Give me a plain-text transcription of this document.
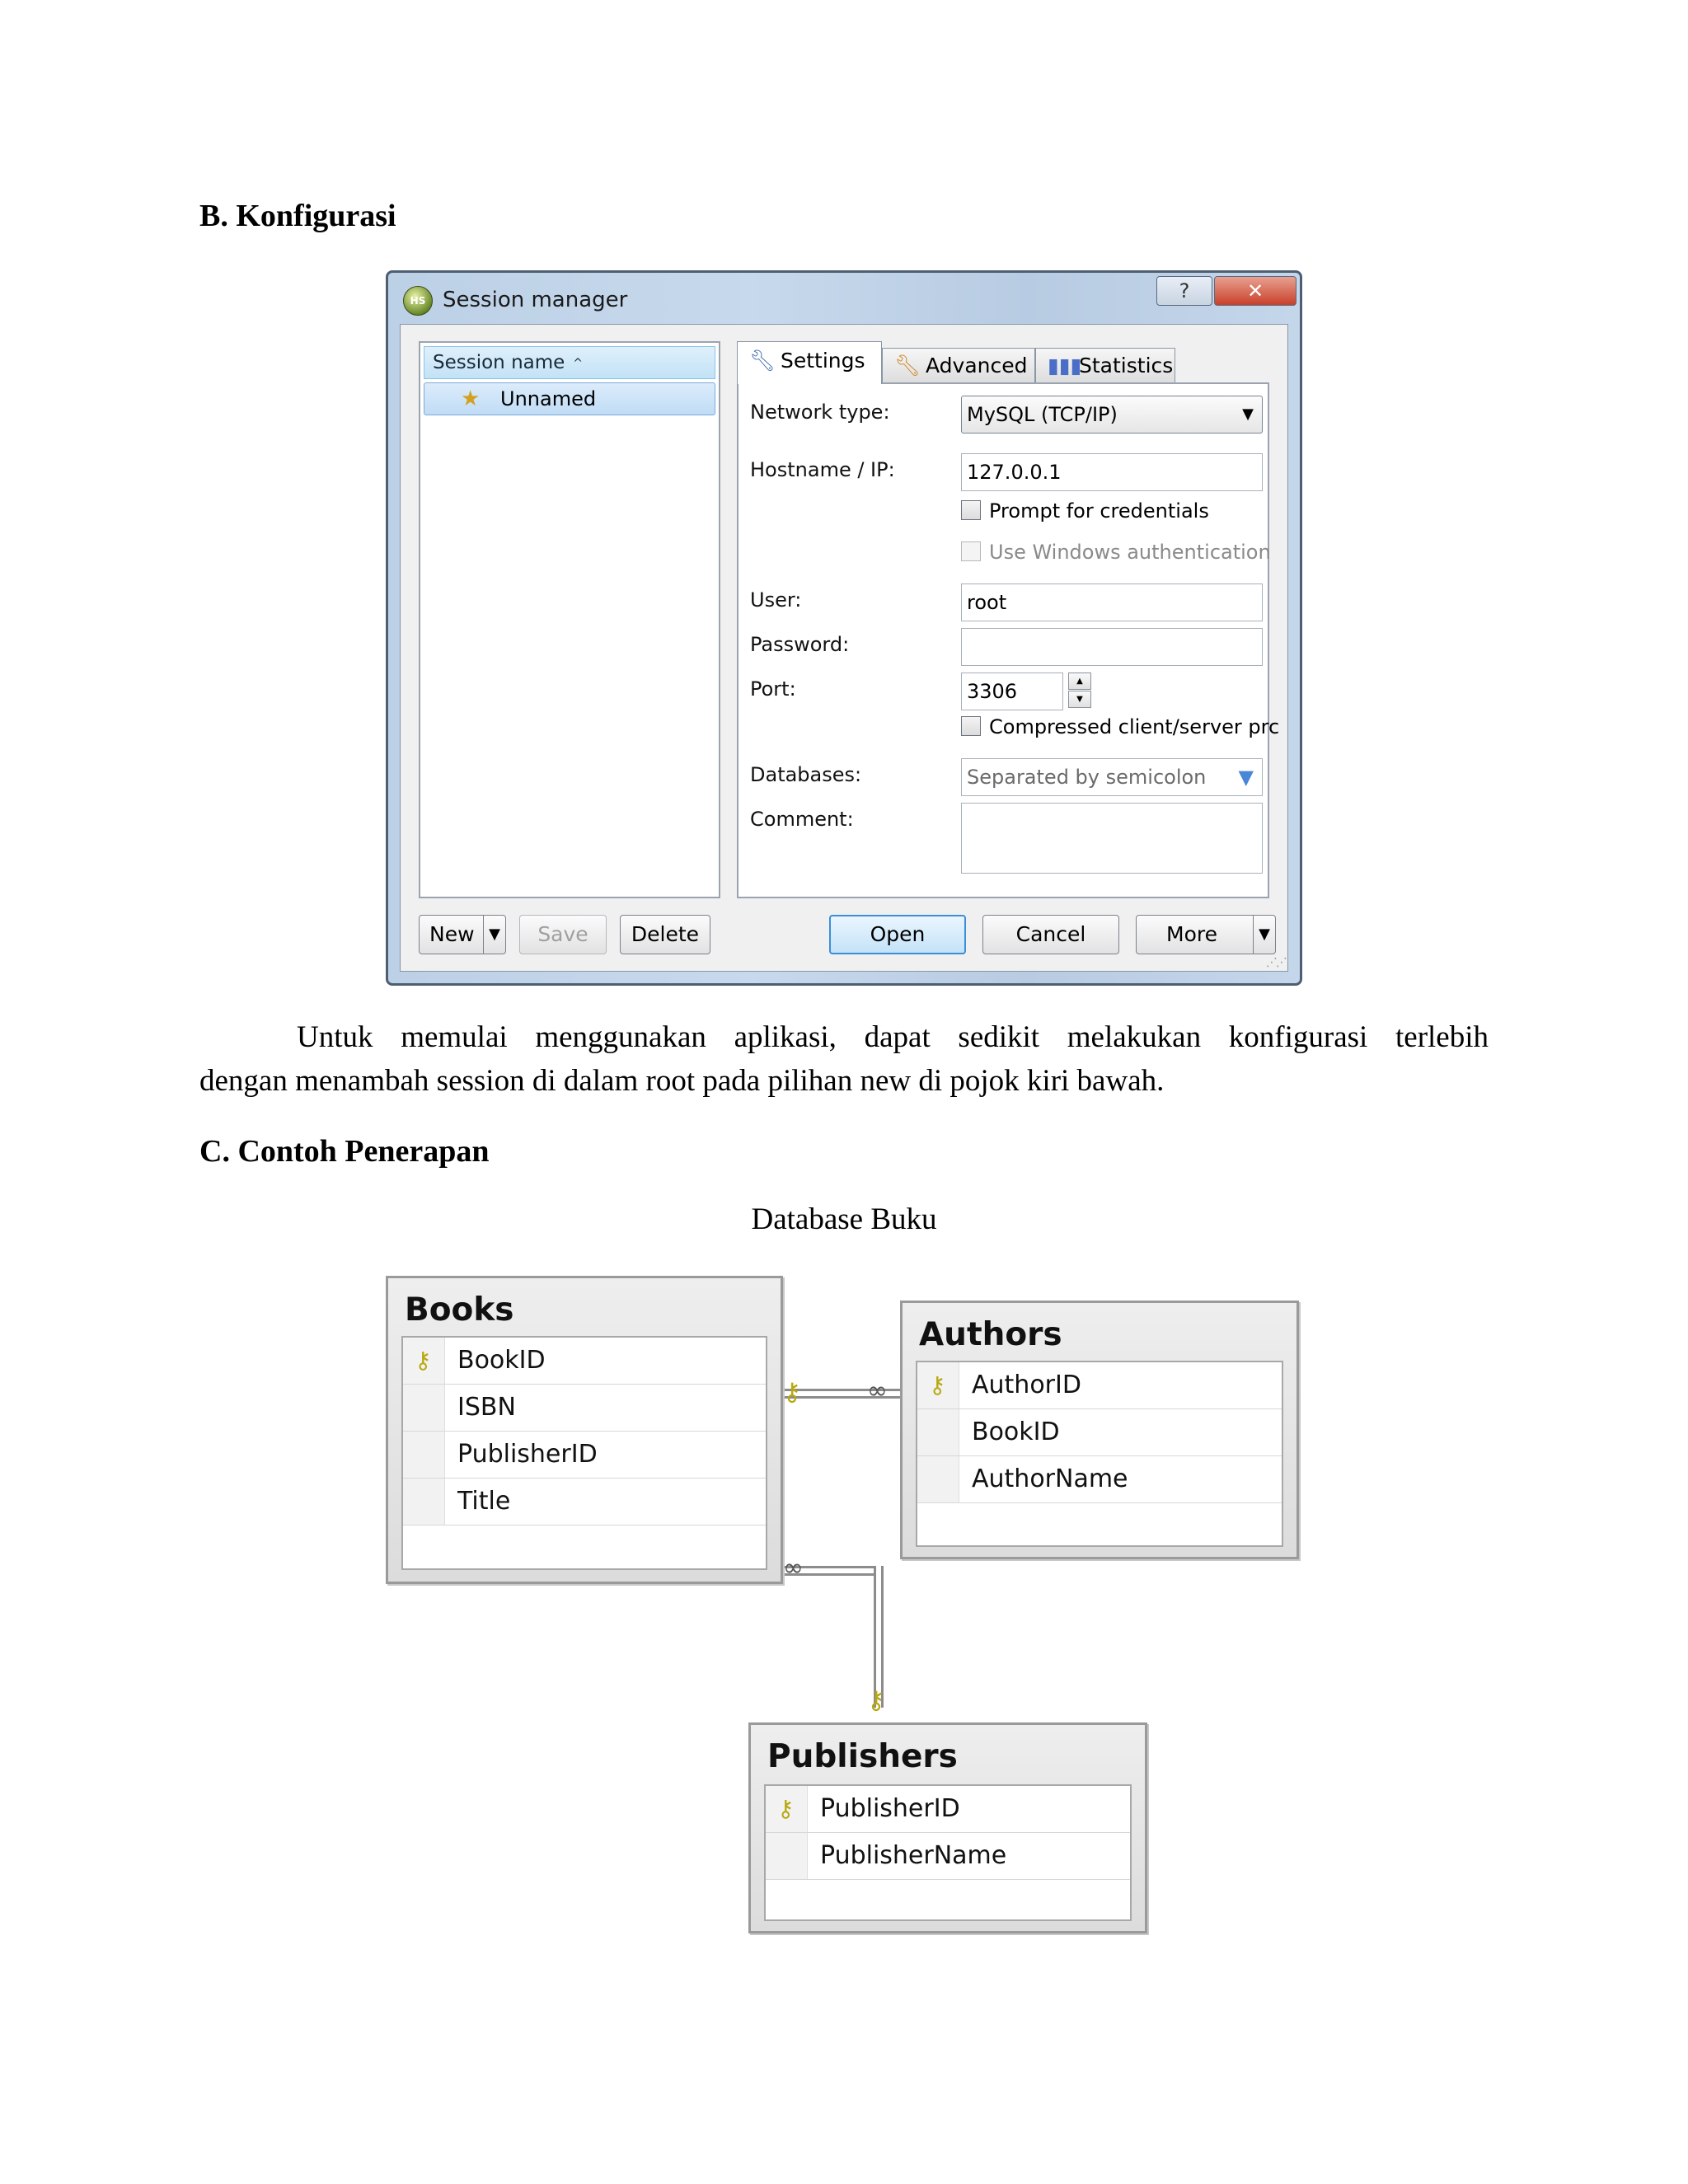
B. Konfigurasi
HS Session manager	?	✕
Session name ^
★ Unnamed
🔧︎ Settings	🔧︎ Advanced ▮▮▮Statistics
Network type:	MySQL (TCP/IP)	▼
Hostname / IP:	127.0.0.1
Prompt for credentials
Use Windows authentication
User:	root
Password:
Port:	3306	▲
▼
Compressed client/server prc
Databases:	Separated by semicolon ▼
Comment:
New ▼	Save	Delete	Open	Cancel	More	▼
⋰⋰

Untuk memulai menggunakan aplikasi, dapat sedikit melakukan konfigurasi terlebih
dengan menambah session di dalam root pada pilihan new di pojok kiri bawah.

C. Contoh Penerapan
Database Buku
⚷	∞
∞
⚷
Books
⚷ BookID
ISBN
PublisherID
Title
Authors
⚷ AuthorID
BookID
AuthorName
Publishers
⚷ PublisherID
PublisherName
